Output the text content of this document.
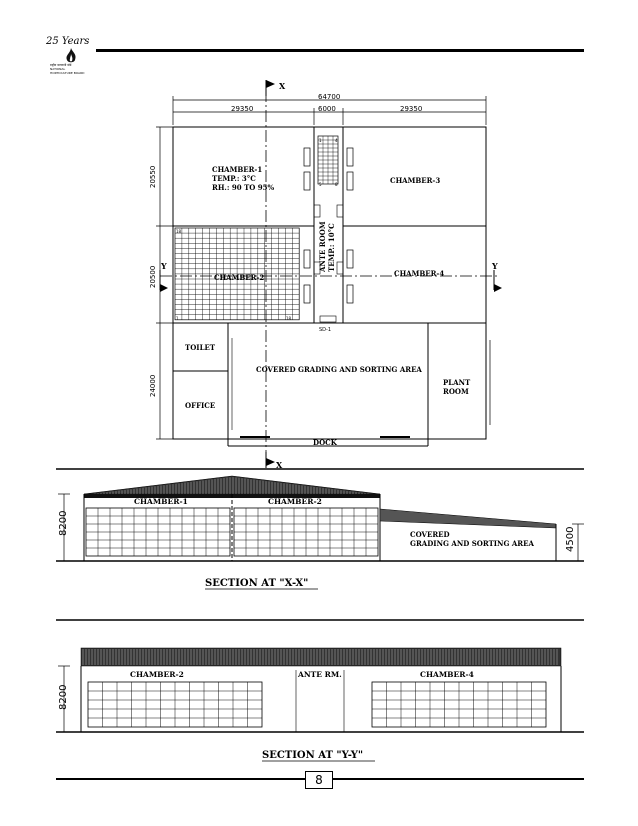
25 Years
राष्ट्रीय बागवानी बोर्ड
NATIONAL
HORTICULTURE BOARD
X
X
Y	Y
64700
29350	6000	29350
20550
20500
24000
CHAMBER-1
TEMP.: 3°C
RH.: 90 TO 95%
CHAMBER-2
CHAMBER-3
CHAMBER-4
ANTE ROOM TEMP.: 10°C
TOILET
OFFICE
COVERED GRADING AND SORTING AREA
PLANT
ROOM
DOCK
SD-1
1	4
5	8
18
1	18
CHAMBER-1	CHAMBER-2
COVERED
GRADING AND SORTING AREA
8200
4500
SECTION AT "X-X"
CHAMBER-2	ANTE RM.	CHAMBER-4
8200
SECTION AT "Y-Y"
8
